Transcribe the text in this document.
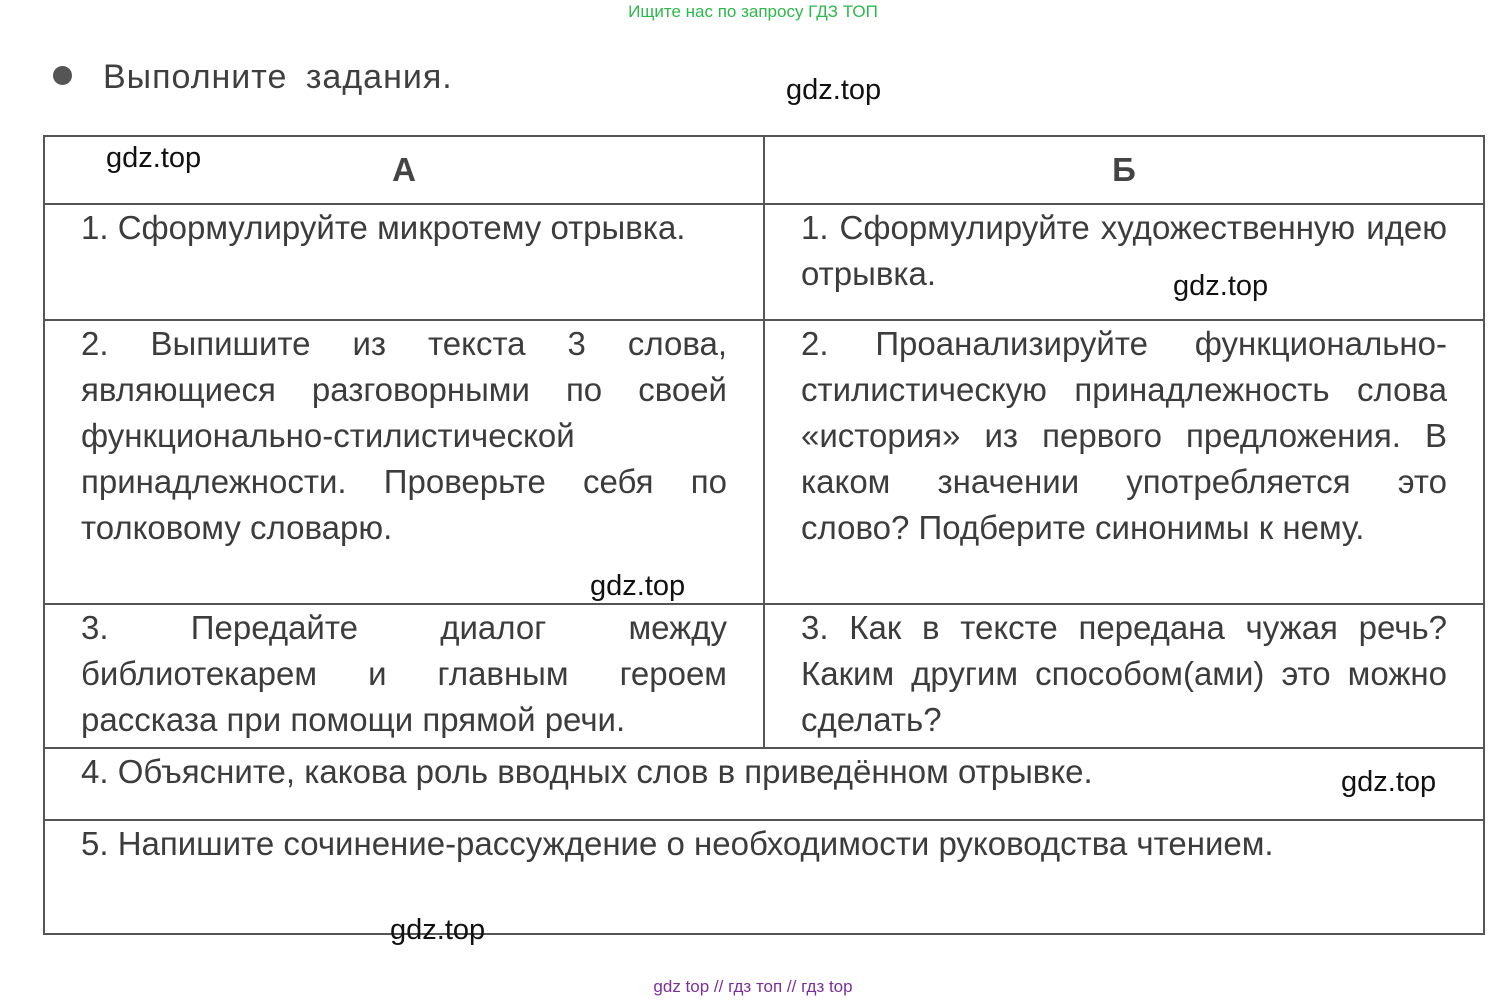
Ищите нас по запросу ГДЗ ТОП
Выполните задания.
А	Б

1. Сформулируйте микротему отрывка.	1. Сформулируйте художественную идею отрывка.

2. Выпишите из текста 3 слова, являющиеся разговорными по своей функционально-стилистической принадлежности. Проверьте себя по толковому словарю.	2. Проанализируйте функционально-стилистическую принадлежность слова «история» из первого предложения. В каком значении употребляется это слово? Подберите синонимы к нему.

3. Передайте диалог между библиотекарем и главным героем рассказа при помощи прямой речи.	3. Как в тексте передана чужая речь? Каким другим способом(ами) это можно сделать?

4. Объясните, какова роль вводных слов в приведённом отрывке.	

5. Напишите сочинение-рассуждение о необходимости руководства чтением.	
gdz.top
gdz.top
gdz.top
gdz.top
gdz.top
gdz.top
gdz top // гдз топ // гдз top
